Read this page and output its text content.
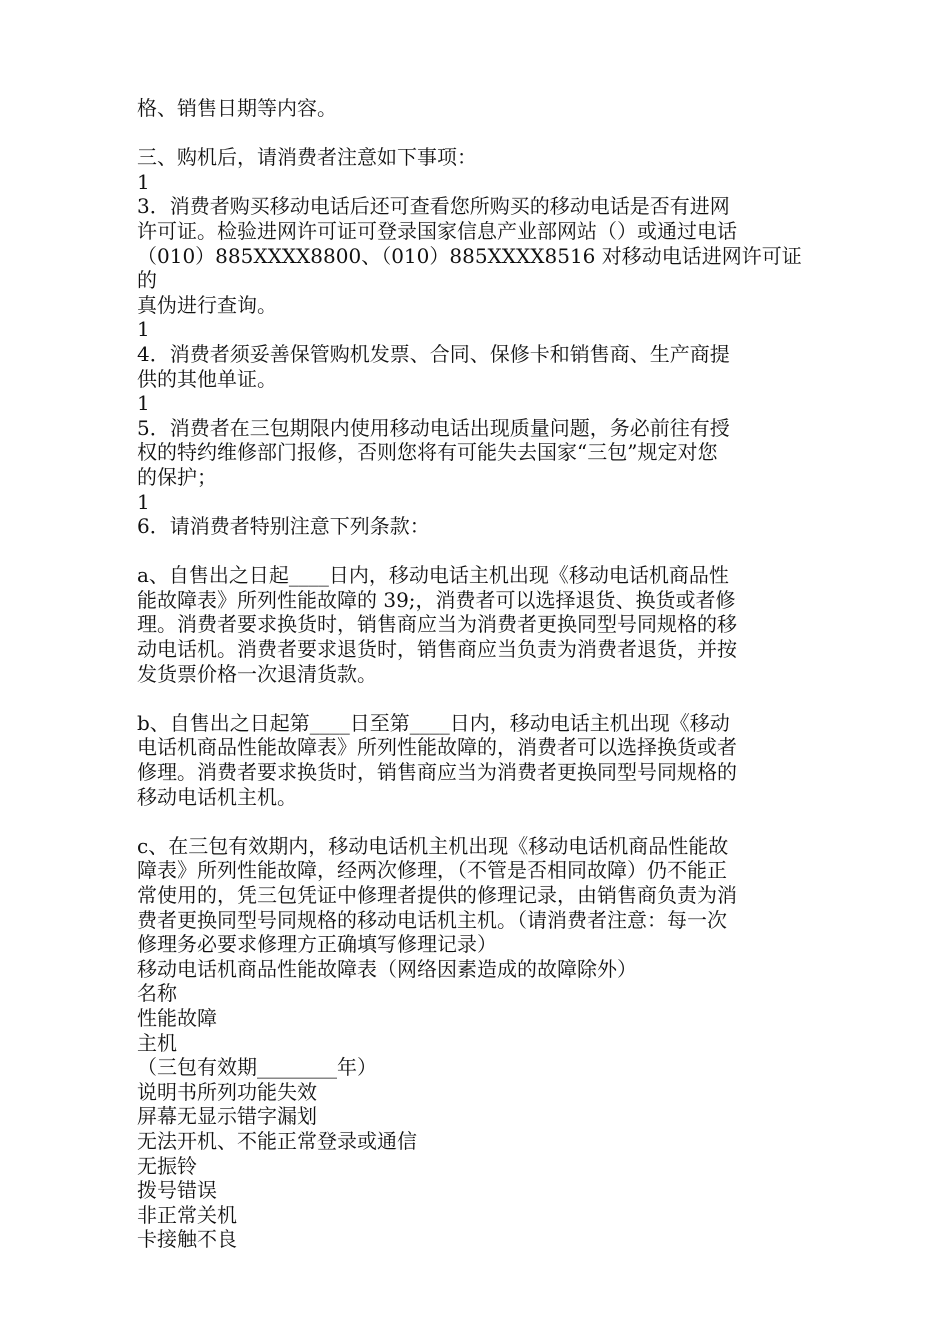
格、销售日期等内容。

三、购机后，请消费者注意如下事项：

1

3．消费者购买移动电话后还可查看您所购买的移动电话是否有进网

许可证。检验进网许可证可登录国家信息产业部网站（）或通过电话

（010）885XXXX8800、（010）885XXXX8516 对移动电话进网许可证的

真伪进行查询。

1

4．消费者须妥善保管购机发票、合同、保修卡和销售商、生产商提

供的其他单证。

1

5．消费者在三包期限内使用移动电话出现质量问题，务必前往有授

权的特约维修部门报修，否则您将有可能失去国家“三包”规定对您

的保护；

1

6．请消费者特别注意下列条款：

a、自售出之日起____日内，移动电话主机出现《移动电话机商品性

能故障表》所列性能故障的 39;，消费者可以选择退货、换货或者修

理。消费者要求换货时，销售商应当为消费者更换同型号同规格的移

动电话机。消费者要求退货时，销售商应当负责为消费者退货，并按

发货票价格一次退清货款。

b、自售出之日起第____日至第____日内，移动电话主机出现《移动

电话机商品性能故障表》所列性能故障的，消费者可以选择换货或者

修理。消费者要求换货时，销售商应当为消费者更换同型号同规格的

移动电话机主机。

c、在三包有效期内，移动电话机主机出现《移动电话机商品性能故

障表》所列性能故障，经两次修理，（不管是否相同故障）仍不能正

常使用的，凭三包凭证中修理者提供的修理记录，由销售商负责为消

费者更换同型号同规格的移动电话机主机。（请消费者注意：每一次

修理务必要求修理方正确填写修理记录）

移动电话机商品性能故障表（网络因素造成的故障除外）

名称

性能故障

主机

（三包有效期________年）

说明书所列功能失效

屏幕无显示错字漏划

无法开机、不能正常登录或通信

无振铃

拨号错误

非正常关机

卡接触不良
